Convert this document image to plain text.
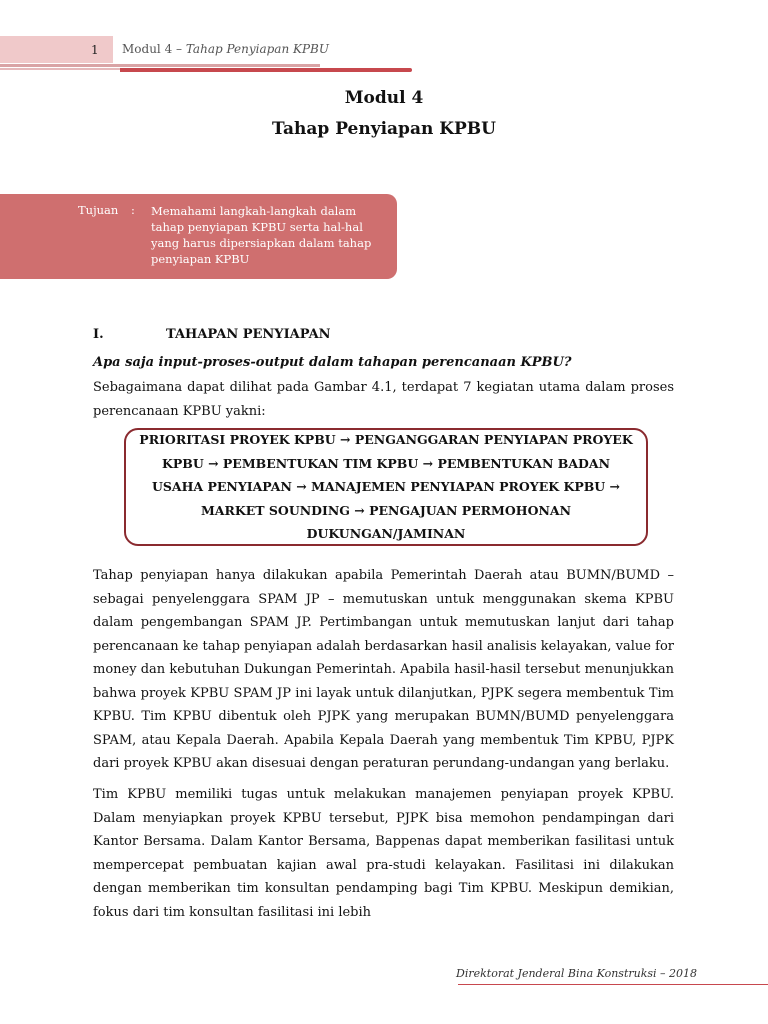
1 Modul 4 – Tahap Penyiapan KPBU
Modul 4
Tahap Penyiapan KPBU
Tujuan : Memahami langkah-langkah dalam tahap penyiapan KPBU serta hal-hal yang harus dipersiapkan dalam tahap penyiapan KPBU
I.	TAHAPAN PENYIAPAN
Apa saja input-proses-output dalam tahapan perencanaan KPBU?
Sebagaimana dapat dilihat pada Gambar 4.1, terdapat 7 kegiatan utama dalam proses perencanaan KPBU yakni:
PRIORITASI PROYEK KPBU → PENGANGGARAN PENYIAPAN PROYEK KPBU → PEMBENTUKAN TIM KPBU → PEMBENTUKAN BADAN USAHA PENYIAPAN → MANAJEMEN PENYIAPAN PROYEK KPBU → MARKET SOUNDING → PENGAJUAN PERMOHONAN DUKUNGAN/JAMINAN
Tahap penyiapan hanya dilakukan apabila Pemerintah Daerah atau BUMN/BUMD – sebagai penyelenggara SPAM JP – memutuskan untuk menggunakan skema KPBU dalam pengembangan SPAM JP. Pertimbangan untuk memutuskan lanjut dari tahap perencanaan ke tahap penyiapan adalah berdasarkan hasil analisis kelayakan, value for money dan kebutuhan Dukungan Pemerintah. Apabila hasil-hasil tersebut menunjukkan bahwa proyek KPBU SPAM JP ini layak untuk dilanjutkan, PJPK segera membentuk Tim KPBU. Tim KPBU dibentuk oleh PJPK yang merupakan BUMN/BUMD penyelenggara SPAM, atau Kepala Daerah. Apabila Kepala Daerah yang membentuk Tim KPBU, PJPK dari proyek KPBU akan disesuai dengan peraturan perundang-undangan yang berlaku.
Tim KPBU memiliki tugas untuk melakukan manajemen penyiapan proyek KPBU. Dalam menyiapkan proyek KPBU tersebut, PJPK bisa memohon pendampingan dari Kantor Bersama. Dalam Kantor Bersama, Bappenas dapat memberikan fasilitasi untuk mempercepat pembuatan kajian awal pra-studi kelayakan. Fasilitasi ini dilakukan dengan memberikan tim konsultan pendamping bagi Tim KPBU. Meskipun demikian, fokus dari tim konsultan fasilitasi ini lebih
Direktorat Jenderal Bina Konstruksi – 2018
